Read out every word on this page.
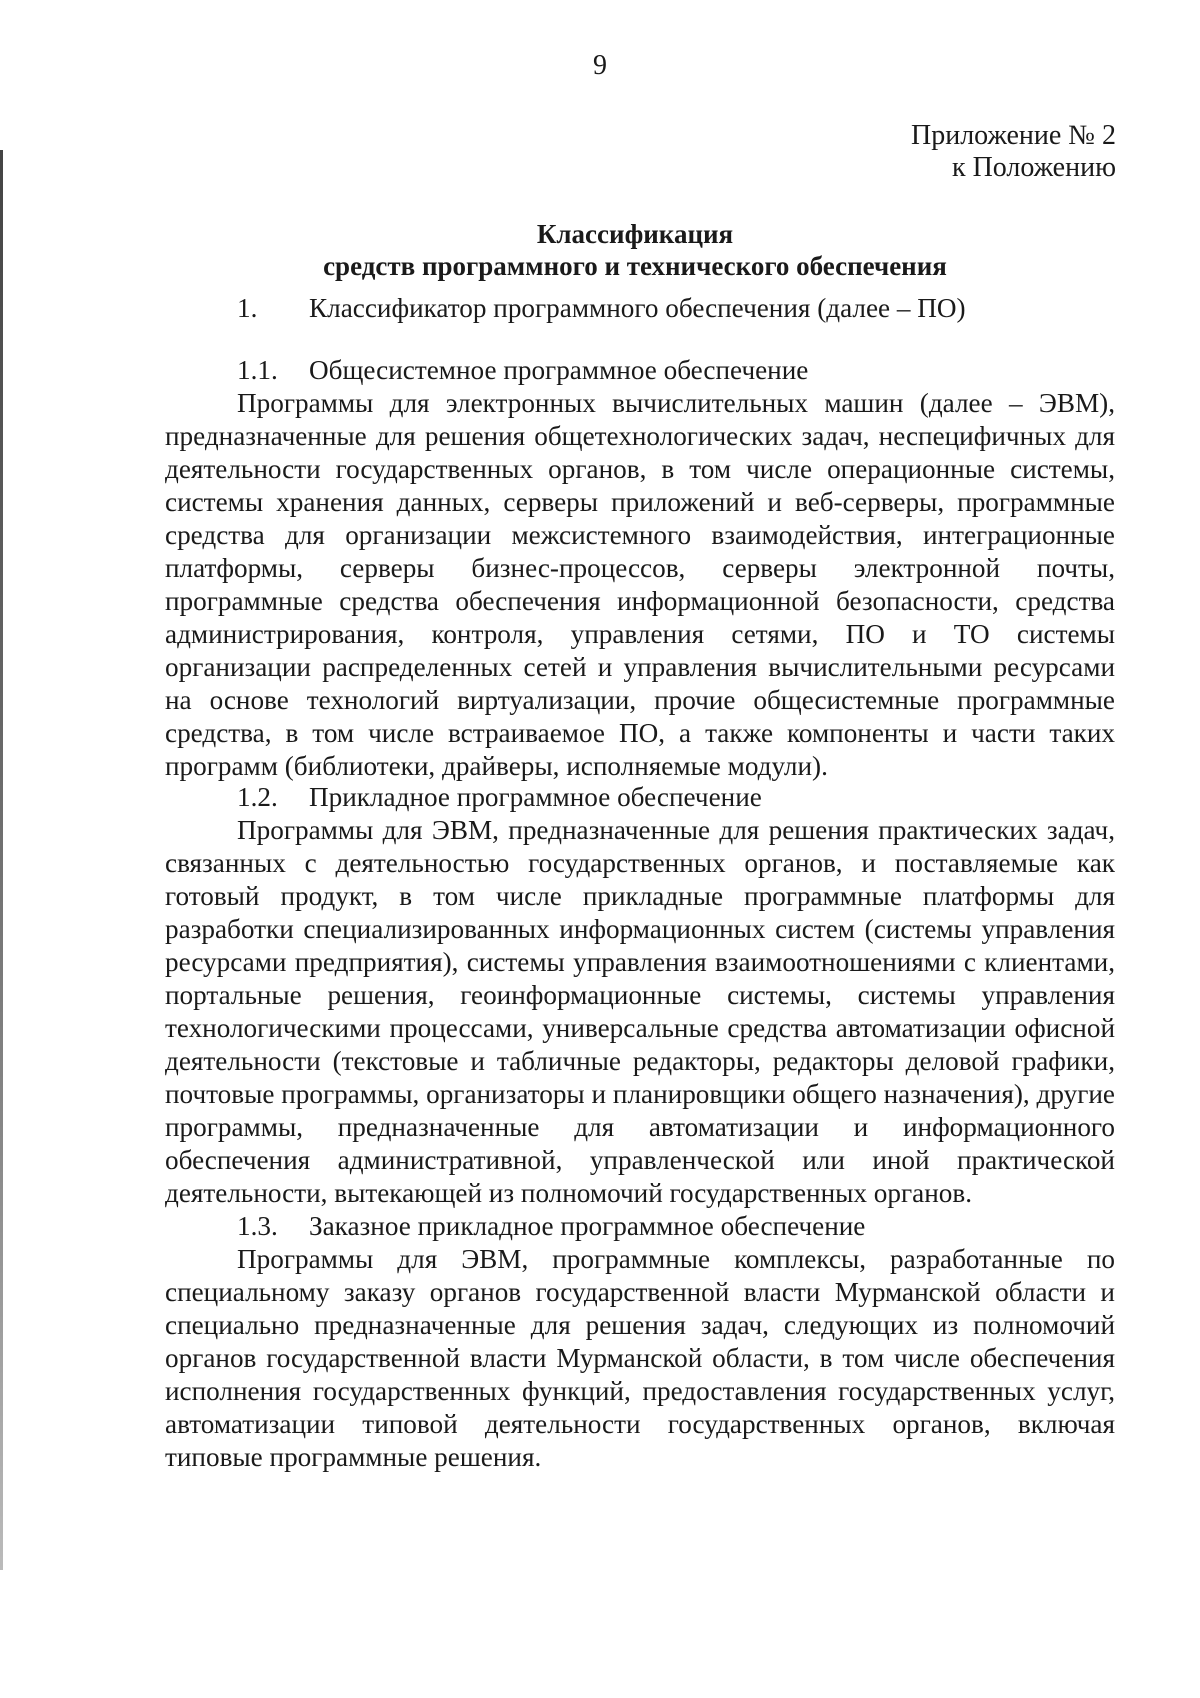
9
Приложение № 2
к Положению
Классификация
средств программного и технического обеспечения
1. Классификатор программного обеспечения (далее – ПО)
1.1. Общесистемное программное обеспечение

Программы для электронных вычислительных машин (далее – ЭВМ), предназначенные для решения общетехнологических задач, неспецифичных для деятельности государственных органов, в том числе операционные системы, системы хранения данных, серверы приложений и веб-серверы, программные средства для организации межсистемного взаимодействия, интеграционные платформы, серверы бизнес-процессов, серверы электронной почты, программные средства обеспечения информационной безопасности, средства администрирования, контроля, управления сетями, ПО и ТО системы организации распределенных сетей и управления вычислительными ресурсами на основе технологий виртуализации, прочие общесистемные программные средства, в том числе встраиваемое ПО, а также компоненты и части таких программ (библиотеки, драйверы, исполняемые модули).

1.2. Прикладное программное обеспечение

Программы для ЭВМ, предназначенные для решения практических задач, связанных с деятельностью государственных органов, и поставляемые как готовый продукт, в том числе прикладные программные платформы для разработки специализированных информационных систем (системы управления ресурсами предприятия), системы управления взаимоотношениями с клиентами, портальные решения, геоинформационные системы, системы управления технологическими процессами, универсальные средства автоматизации офисной деятельности (текстовые и табличные редакторы, редакторы деловой графики, почтовые программы, организаторы и планировщики общего назначения), другие программы, предназначенные для автоматизации и информационного обеспечения административной, управленческой или иной практической деятельности, вытекающей из полномочий государственных органов.

1.3. Заказное прикладное программное обеспечение

Программы для ЭВМ, программные комплексы, разработанные по специальному заказу органов государственной власти Мурманской области и специально предназначенные для решения задач, следующих из полномочий органов государственной власти Мурманской области, в том числе обеспечения исполнения государственных функций, предоставления государственных услуг, автоматизации типовой деятельности государственных органов, включая типовые программные решения.
